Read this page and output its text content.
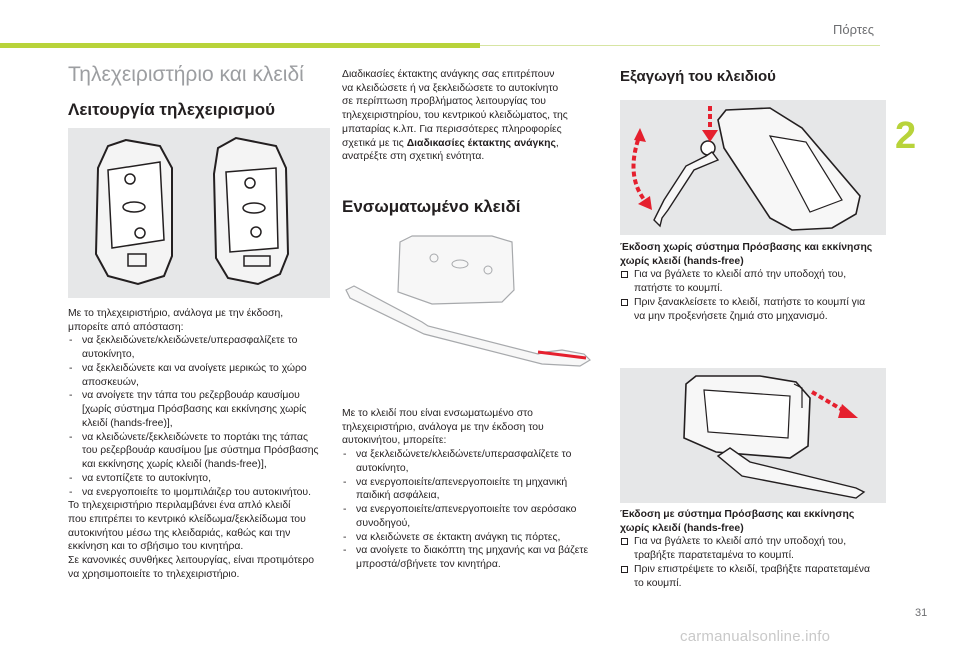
Πόρτες
2
31
carmanualsonline.info
Τηλεχειριστήριο και κλειδί
Λειτουργία τηλεχειρισμού

Με το τηλεχειριστήριο, ανάλογα με την έκδοση,
μπορείτε από απόσταση:

- να ξεκλειδώνετε/κλειδώνετε/υπερασφαλίζετε το
αυτοκίνητο,
- να ξεκλειδώνετε και να ανοίγετε μερικώς το χώρο
αποσκευών,
- να ανοίγετε την τάπα του ρεζερβουάρ καυσίμου
[χωρίς σύστημα Πρόσβασης και εκκίνησης χωρίς
κλειδί (hands-free)],
- να κλειδώνετε/ξεκλειδώνετε το πορτάκι της τάπας
του ρεζερβουάρ καυσίμου [με σύστημα Πρόσβασης
και εκκίνησης χωρίς κλειδί (hands-free)],
- να εντοπίζετε το αυτοκίνητο,
- να ενεργοποιείτε το ιμομπιλάιζερ του αυτοκινήτου.

Το τηλεχειριστήριο περιλαμβάνει ένα απλό κλειδί
που επιτρέπει το κεντρικό κλείδωμα/ξεκλείδωμα του
αυτοκινήτου μέσω της κλειδαριάς, καθώς και την
εκκίνηση και το σβήσιμο του κινητήρα.

Σε κανονικές συνθήκες λειτουργίας, είναι προτιμότερο
να χρησιμοποιείτε το τηλεχειριστήριο.

Διαδικασίες έκτακτης ανάγκης σας επιτρέπουν
να κλειδώσετε ή να ξεκλειδώσετε το αυτοκίνητο
σε περίπτωση προβλήματος λειτουργίας του
τηλεχειριστηρίου, του κεντρικού κλειδώματος, της
μπαταρίας κ.λπ. Για περισσότερες πληροφορίες
σχετικά με τις Διαδικασίες έκτακτης ανάγκης,
ανατρέξτε στη σχετική ενότητα.
Ενσωματωμένο κλειδί

Με το κλειδί που είναι ενσωματωμένο στο
τηλεχειριστήριο, ανάλογα με την έκδοση του
αυτοκινήτου, μπορείτε:

- να ξεκλειδώνετε/κλειδώνετε/υπερασφαλίζετε το
αυτοκίνητο,
- να ενεργοποιείτε/απενεργοποιείτε τη μηχανική
παιδική ασφάλεια,
- να ενεργοποιείτε/απενεργοποιείτε τον αερόσακο
συνοδηγού,
- να κλειδώνετε σε έκτακτη ανάγκη τις πόρτες,
- να ανοίγετε το διακόπτη της μηχανής και να βάζετε
μπροστά/σβήνετε τον κινητήρα.
Εξαγωγή του κλειδιού

Έκδοση χωρίς σύστημα Πρόσβασης και εκκίνησης
χωρίς κλειδί (hands-free)

Για να βγάλετε το κλειδί από την υποδοχή του,
πατήστε το κουμπί.
Πριν ξανακλείσετε το κλειδί, πατήστε το κουμπί για
να μην προξενήσετε ζημιά στο μηχανισμό.

Έκδοση με σύστημα Πρόσβασης και εκκίνησης
χωρίς κλειδί (hands-free)

Για να βγάλετε το κλειδί από την υποδοχή του,
τραβήξτε παρατεταμένα το κουμπί.
Πριν επιστρέψετε το κλειδί, τραβήξτε παρατεταμένα
το κουμπί.
